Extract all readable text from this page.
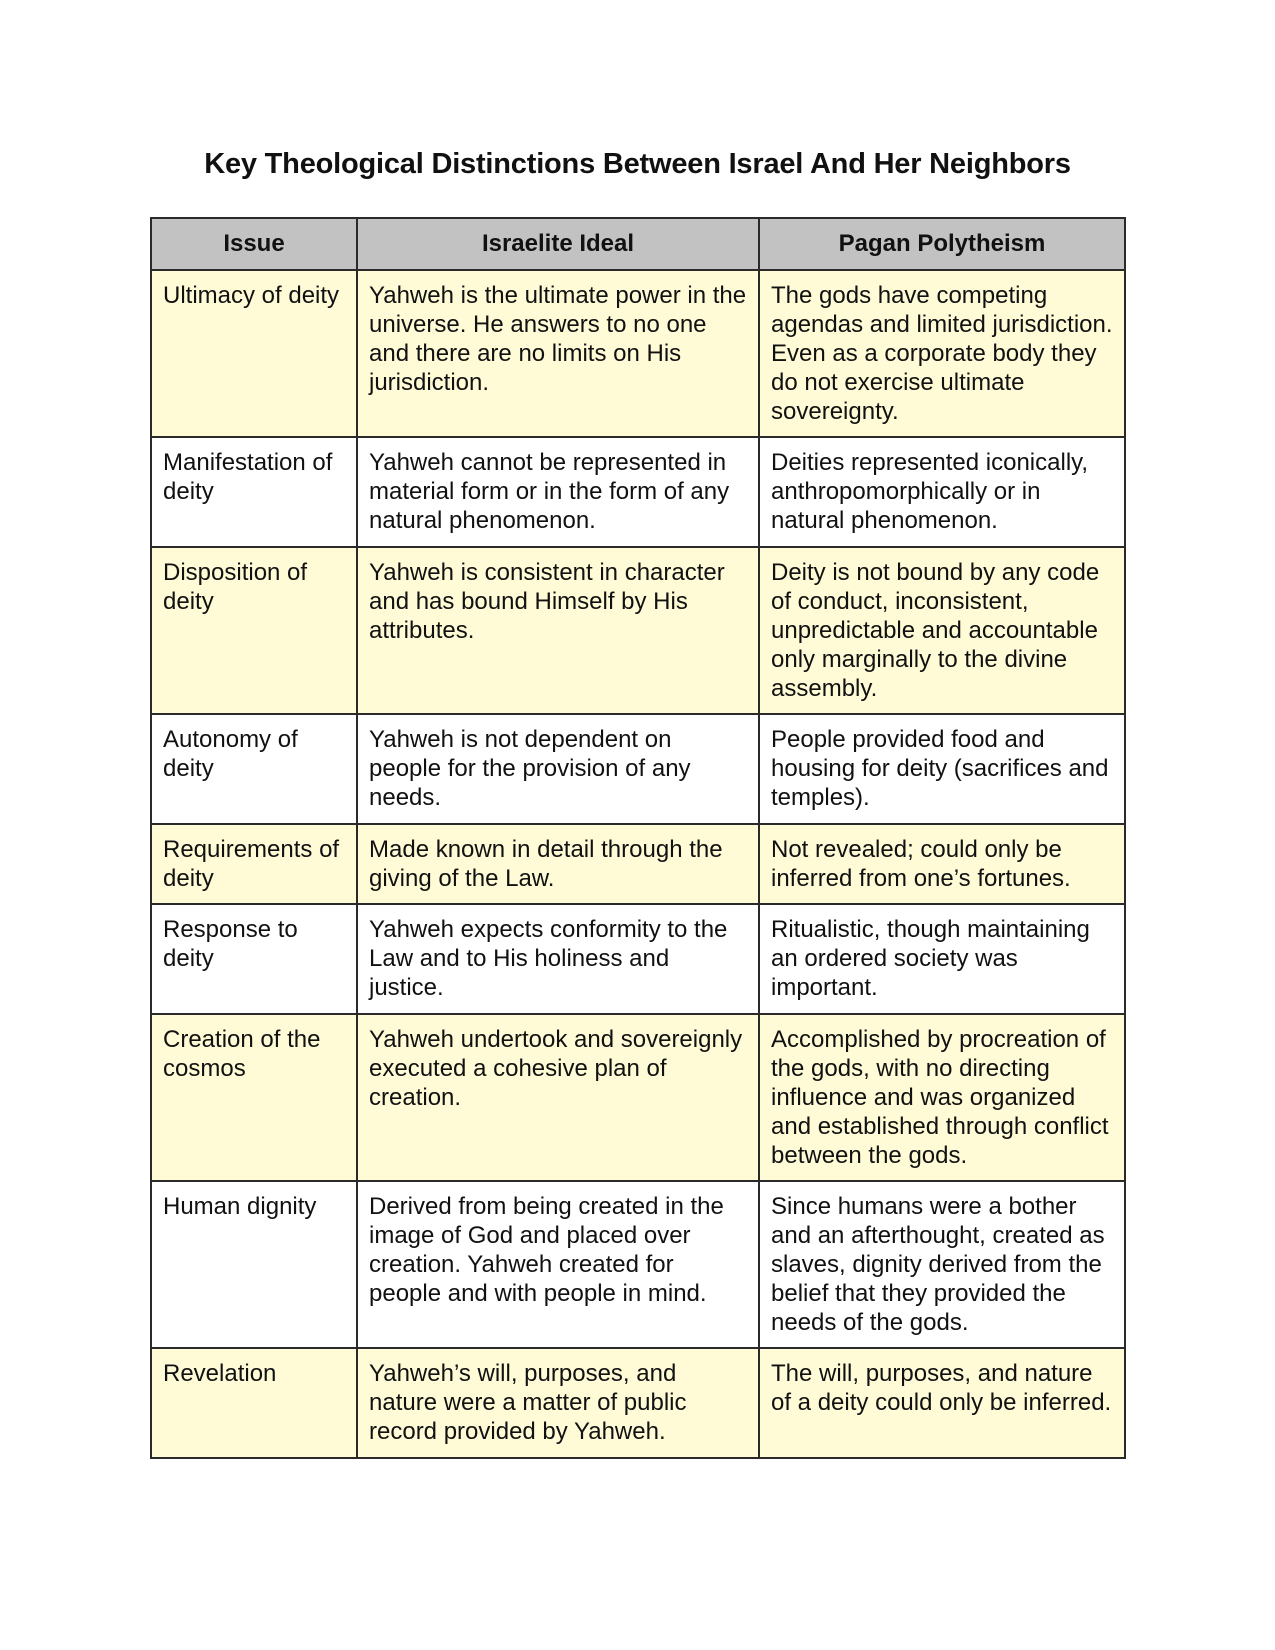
Key Theological Distinctions Between Israel And Her Neighbors
Issue	Israelite Ideal	Pagan Polytheism
Ultimacy of deity	Yahweh is the ultimate power in the universe. He answers to no one and there are no limits on His jurisdiction.	The gods have competing agendas and limited jurisdiction. Even as a corporate body they do not exercise ultimate sovereignty.
Manifestation of deity	Yahweh cannot be represented in material form or in the form of any natural phenomenon.	Deities represented iconically, anthropomorphically or in natural phenomenon.
Disposition of deity	Yahweh is consistent in character and has bound Himself by His attributes.	Deity is not bound by any code of conduct, inconsistent, unpredictable and accountable only marginally to the divine assembly.
Autonomy of deity	Yahweh is not dependent on people for the provision of any needs.	People provided food and housing for deity (sacrifices and temples).
Requirements of deity	Made known in detail through the giving of the Law.	Not revealed; could only be inferred from one’s fortunes.
Response to deity	Yahweh expects conformity to the Law and to His holiness and justice.	Ritualistic, though maintaining an ordered society was important.
Creation of the cosmos	Yahweh undertook and sovereignly executed a cohesive plan of creation.	Accomplished by procreation of the gods, with no directing influence and was organized and established through conflict between the gods.
Human dignity	Derived from being created in the image of God and placed over creation. Yahweh created for people and with people in mind.	Since humans were a bother and an afterthought, created as slaves, dignity derived from the belief that they provided the needs of the gods.
Revelation	Yahweh’s will, purposes, and nature were a matter of public record provided by Yahweh.	The will, purposes, and nature of a deity could only be inferred.
